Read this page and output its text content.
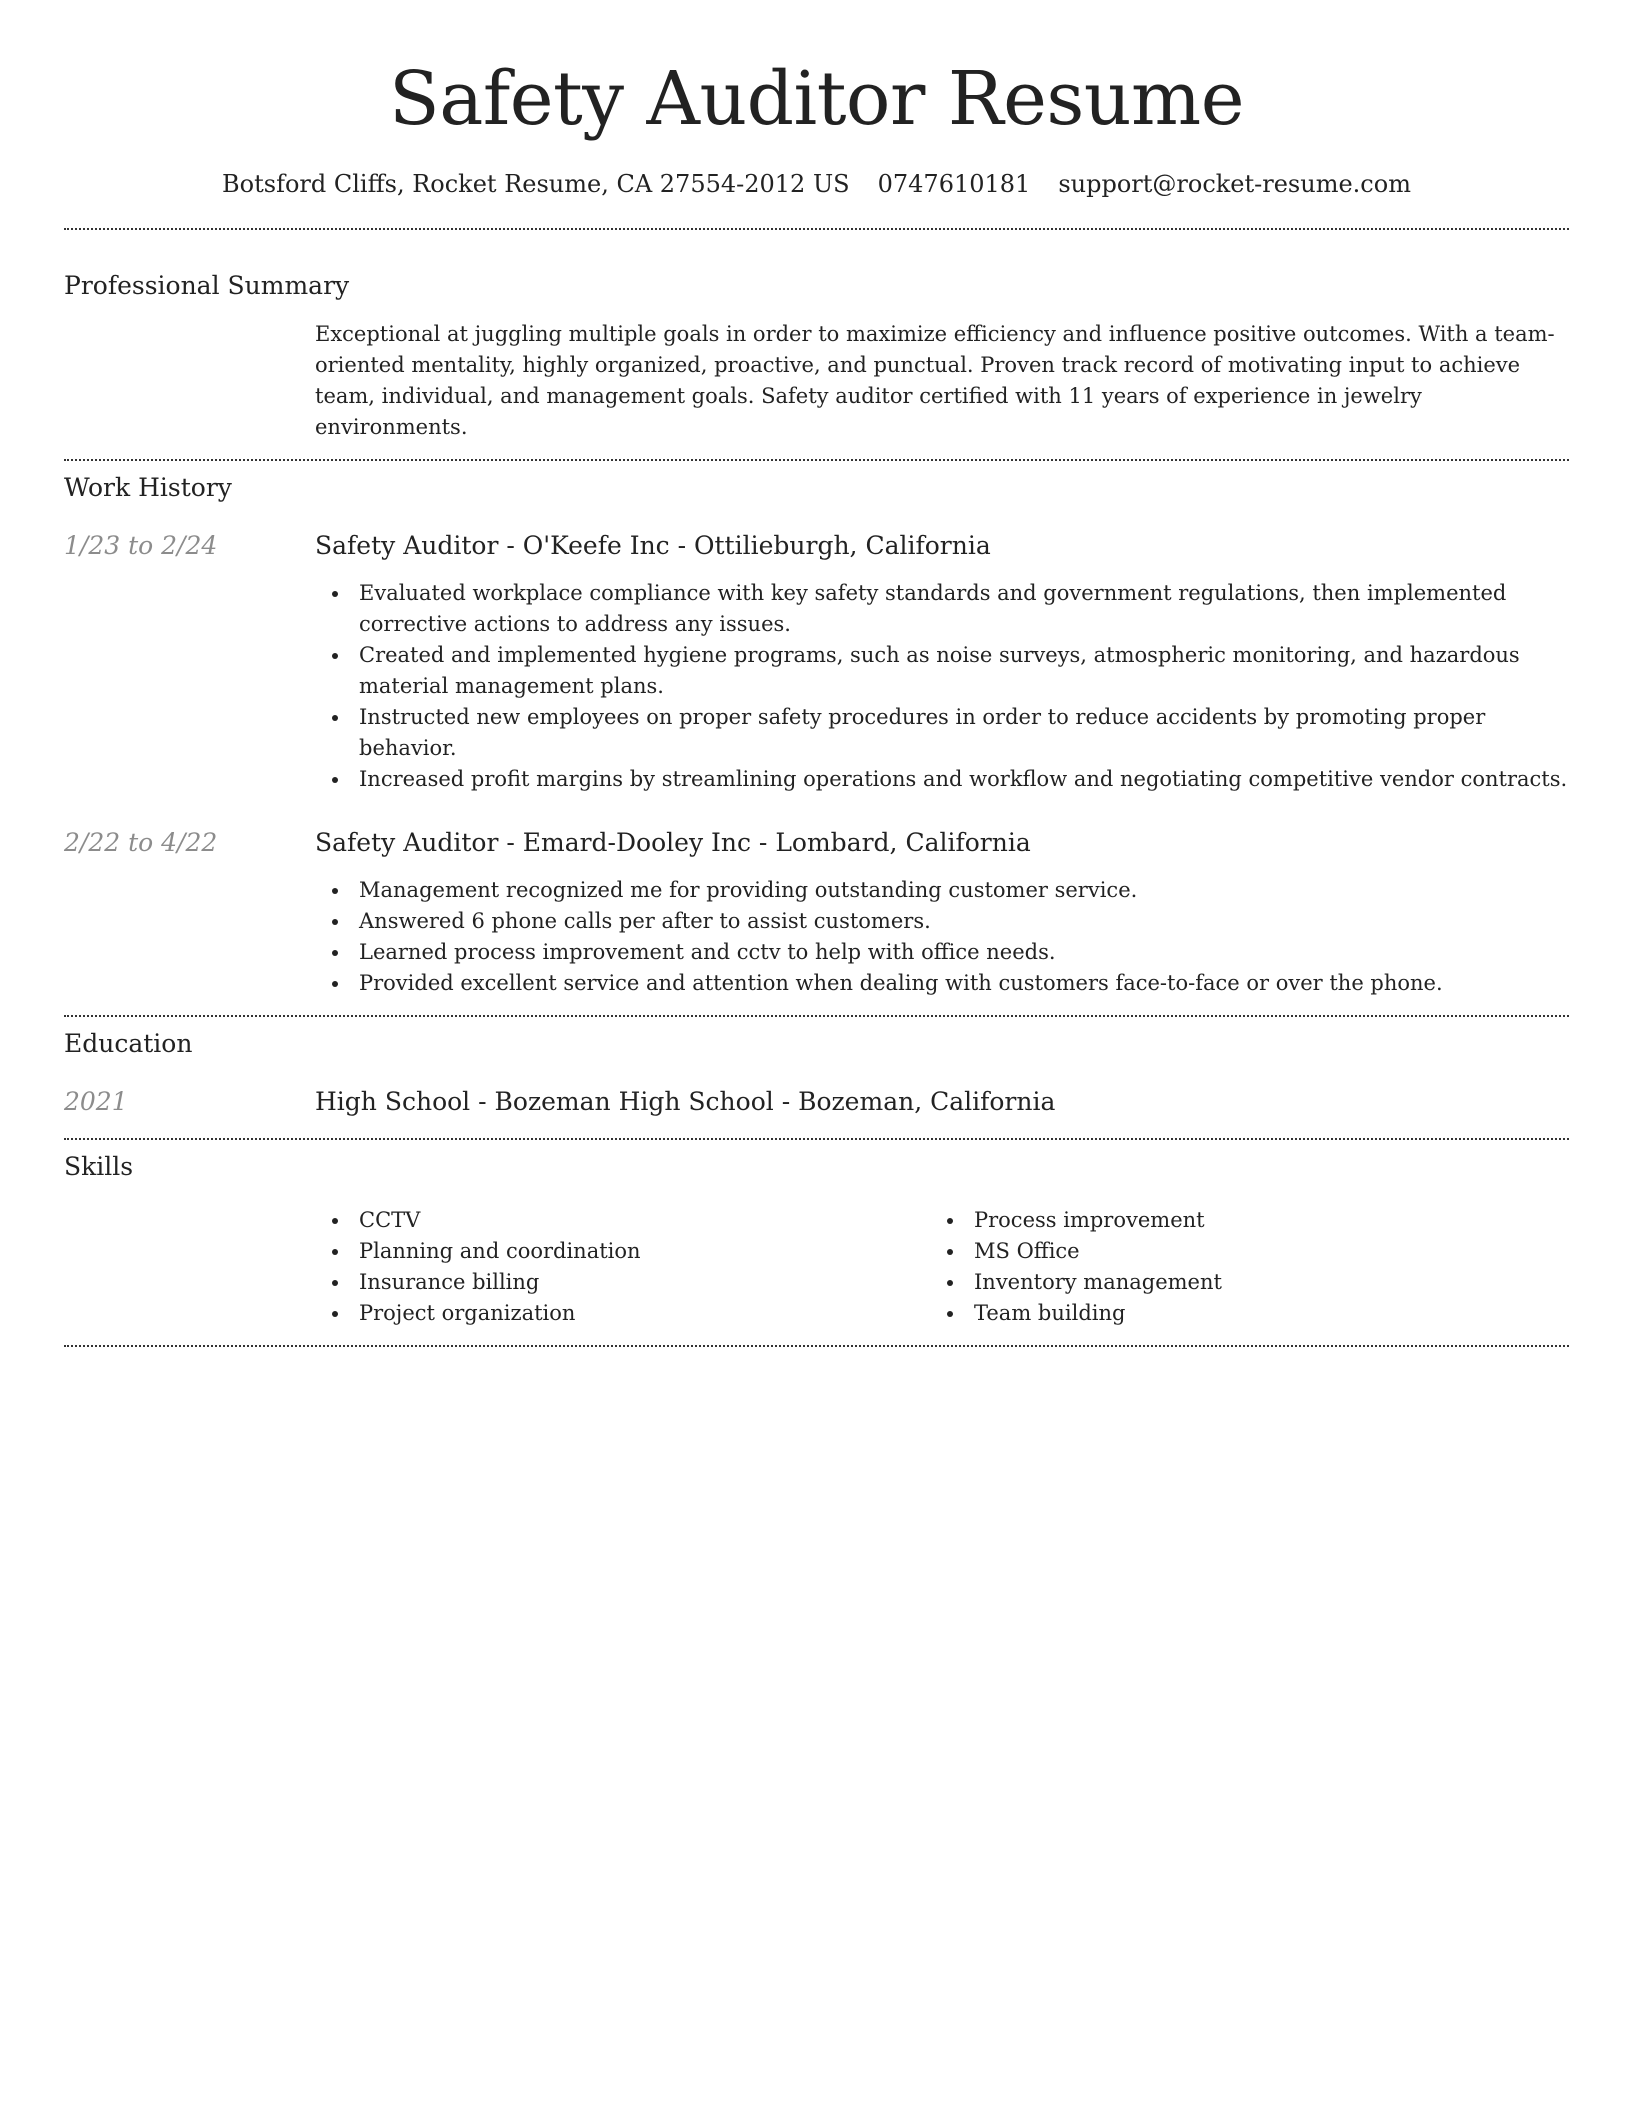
Safety Auditor Resume
Botsford Cliffs, Rocket Resume, CA 27554-2012 US 0747610181 support@rocket-resume.com
Professional Summary

Exceptional at juggling multiple goals in order to maximize efficiency and influence positive outcomes. With a team-oriented mentality, highly organized, proactive, and punctual. Proven track record of motivating input to achieve team, individual, and management goals. Safety auditor certified with 11 years of experience in jewelry environments.

Work History
1/23 to 2/24	Safety Auditor - O'Keefe Inc - Ottilieburgh, California
Evaluated workplace compliance with key safety standards and government regulations, then implemented corrective actions to address any issues.
Created and implemented hygiene programs, such as noise surveys, atmospheric monitoring, and hazardous material management plans.
Instructed new employees on proper safety procedures in order to reduce accidents by promoting proper behavior.
Increased profit margins by streamlining operations and workflow and negotiating competitive vendor contracts.
2/22 to 4/22	Safety Auditor - Emard-Dooley Inc - Lombard, California
Management recognized me for providing outstanding customer service.
Answered 6 phone calls per after to assist customers.
Learned process improvement and cctv to help with office needs.
Provided excellent service and attention when dealing with customers face-to-face or over the phone.
Education
2021	High School - Bozeman High School - Bozeman, California
Skills
CCTV
Planning and coordination
Insurance billing
Project organization
Process improvement
MS Office
Inventory management
Team building
